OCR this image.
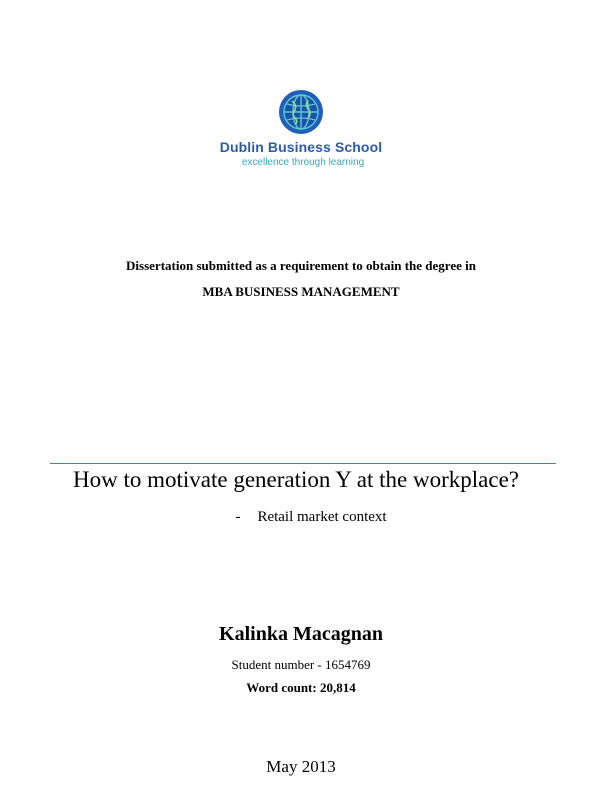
Dublin Business School
excellence through learning
Dissertation submitted as a requirement to obtain the degree in
MBA BUSINESS MANAGEMENT
How to motivate generation Y at the workplace?
- Retail market context
Kalinka Macagnan
Student number - 1654769
Word count: 20,814
May 2013
